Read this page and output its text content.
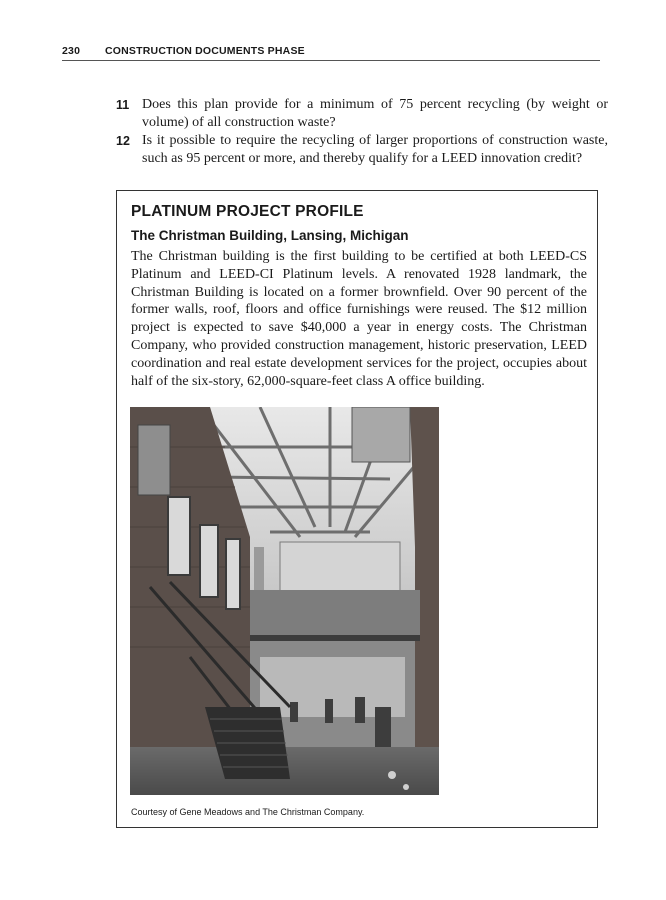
230 CONSTRUCTION DOCUMENTS PHASE
11 Does this plan provide for a minimum of 75 percent recycling (by weight or volume) of all construction waste?
12 Is it possible to require the recycling of larger proportions of construction waste, such as 95 percent or more, and thereby qualify for a LEED innovation credit?
PLATINUM PROJECT PROFILE
The Christman Building, Lansing, Michigan
The Christman building is the first building to be certified at both LEED-CS Platinum and LEED-CI Platinum levels. A renovated 1928 landmark, the Christman Building is located on a former brownfield. Over 90 percent of the former walls, roof, floors and office furnishings were reused. The $12 million project is expected to save $40,000 a year in energy costs. The Christman Company, who provided construction management, historic preservation, LEED coordination and real estate development services for the project, occupies about half of the six-story, 62,000-square-feet class A office building.
Courtesy of Gene Meadows and The Christman Company.
